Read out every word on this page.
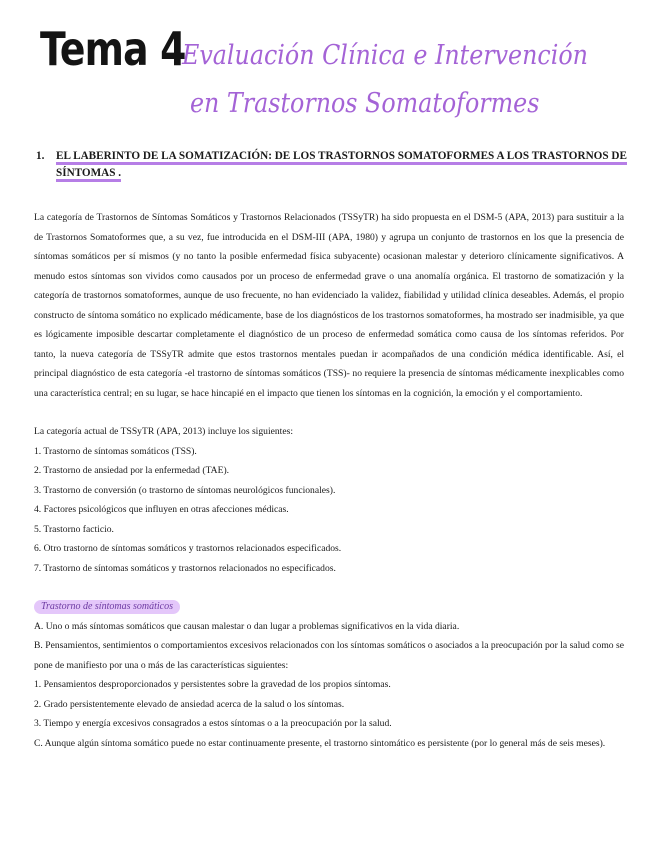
Tema 4
Evaluación Clínica e Intervención
en Trastornos Somatoformes
1. EL LABERINTO DE LA SOMATIZACIÓN: DE LOS TRASTORNOS SOMATOFORMES A LOS TRASTORNOS DE SÍNTOMAS .

La categoría de Trastornos de Síntomas Somáticos y Trastornos Relacionados (TSSyTR) ha sido propuesta en el DSM-5 (APA, 2013) para sustituir a la de Trastornos Somatoformes que, a su vez, fue introducida en el DSM-III (APA, 1980) y agrupa un conjunto de trastornos en los que la presencia de síntomas somáticos per sí mismos (y no tanto la posible enfermedad física subyacente) ocasionan malestar y deterioro clínicamente significativos. A menudo estos síntomas son vividos como causados por un proceso de enfermedad grave o una anomalía orgánica. El trastorno de somatización y la categoría de trastornos somatoformes, aunque de uso frecuente, no han evidenciado la validez, fiabilidad y utilidad clínica deseables. Además, el propio constructo de síntoma somático no explicado médicamente, base de los diagnósticos de los trastornos somatoformes, ha mostrado ser inadmisible, ya que es lógicamente imposible descartar completamente el diagnóstico de un proceso de enfermedad somática como causa de los síntomas referidos. Por tanto, la nueva categoría de TSSyTR admite que estos trastornos mentales puedan ir acompañados de una condición médica identificable. Así, el principal diagnóstico de esta categoría -el trastorno de síntomas somáticos (TSS)- no requiere la presencia de síntomas médicamente inexplicables como una característica central; en su lugar, se hace hincapié en el impacto que tienen los síntomas en la cognición, la emoción y el comportamiento.

La categoría actual de TSSyTR (APA, 2013) incluye los siguientes:

1. Trastorno de síntomas somáticos (TSS).
2. Trastorno de ansiedad por la enfermedad (TAE).
3. Trastorno de conversión (o trastorno de síntomas neurológicos funcionales).
4. Factores psicológicos que influyen en otras afecciones médicas.
5. Trastorno facticio.
6. Otro trastorno de síntomas somáticos y trastornos relacionados especificados.
7. Trastorno de síntomas somáticos y trastornos relacionados no especificados.
Trastorno de síntomas somáticos

A. Uno o más síntomas somáticos que causan malestar o dan lugar a problemas significativos en la vida diaria.

B. Pensamientos, sentimientos o comportamientos excesivos relacionados con los síntomas somáticos o asociados a la preocupación por la salud como se pone de manifiesto por una o más de las características siguientes:

1. Pensamientos desproporcionados y persistentes sobre la gravedad de los propios síntomas.
2. Grado persistentemente elevado de ansiedad acerca de la salud o los síntomas.
3. Tiempo y energía excesivos consagrados a estos síntomas o a la preocupación por la salud.

C. Aunque algún síntoma somático puede no estar continuamente presente, el trastorno sintomático es persistente (por lo general más de seis meses).
